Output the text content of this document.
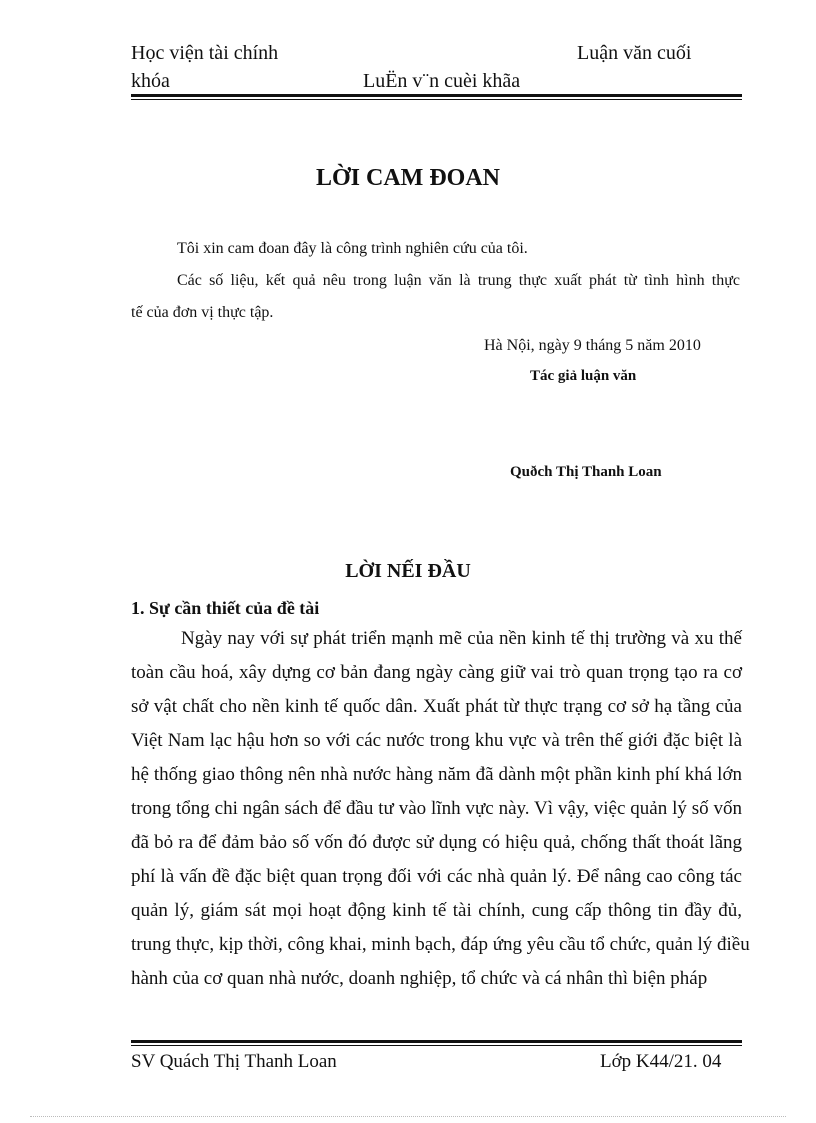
Học viện tài chính	Luận văn cuối
khóa	LuËn v¨n cuèi khãa
LỜI CAM ĐOAN
Tôi xin cam đoan đây là công trình nghiên cứu của tôi.
Các số liệu, kết quả nêu trong luận văn là trung thực xuất phát từ tình hình thực
tế của đơn vị thực tập.
Hà Nội, ngày 9 tháng 5 năm 2010
Tác giả luận văn
Quðch Thị Thanh Loan
LỜI NẾI ĐẦU
1. Sự cần thiết của đề tài
Ngày nay với sự phát triển mạnh mẽ của nền kinh tế thị trường và xu thế
toàn cầu hoá, xây dựng cơ bản đang ngày càng giữ vai trò quan trọng tạo ra cơ
sở vật chất cho nền kinh tế quốc dân. Xuất phát từ thực trạng cơ sở hạ tầng của
Việt Nam lạc hậu hơn so với các nước trong khu vực và trên thế giới đặc biệt là
hệ thống giao thông nên nhà nước hàng năm đã dành một phần kinh phí khá lớn
trong tổng chi ngân sách để đầu tư vào lĩnh vực này. Vì vậy, việc quản lý số vốn
đã bỏ ra để đảm bảo số vốn đó được sử dụng có hiệu quả, chống thất thoát lãng
phí là vấn đề đặc biệt quan trọng đối với các nhà quản lý. Để nâng cao công tác
quản lý, giám sát mọi hoạt động kinh tế tài chính, cung cấp thông tin đầy đủ,
trung thực, kịp thời, công khai, minh bạch, đáp ứng yêu cầu tổ chức, quản lý điều
hành của cơ quan nhà nước, doanh nghiệp, tổ chức và cá nhân thì biện pháp
SV Quách Thị Thanh Loan	Lớp K44/21. 04
